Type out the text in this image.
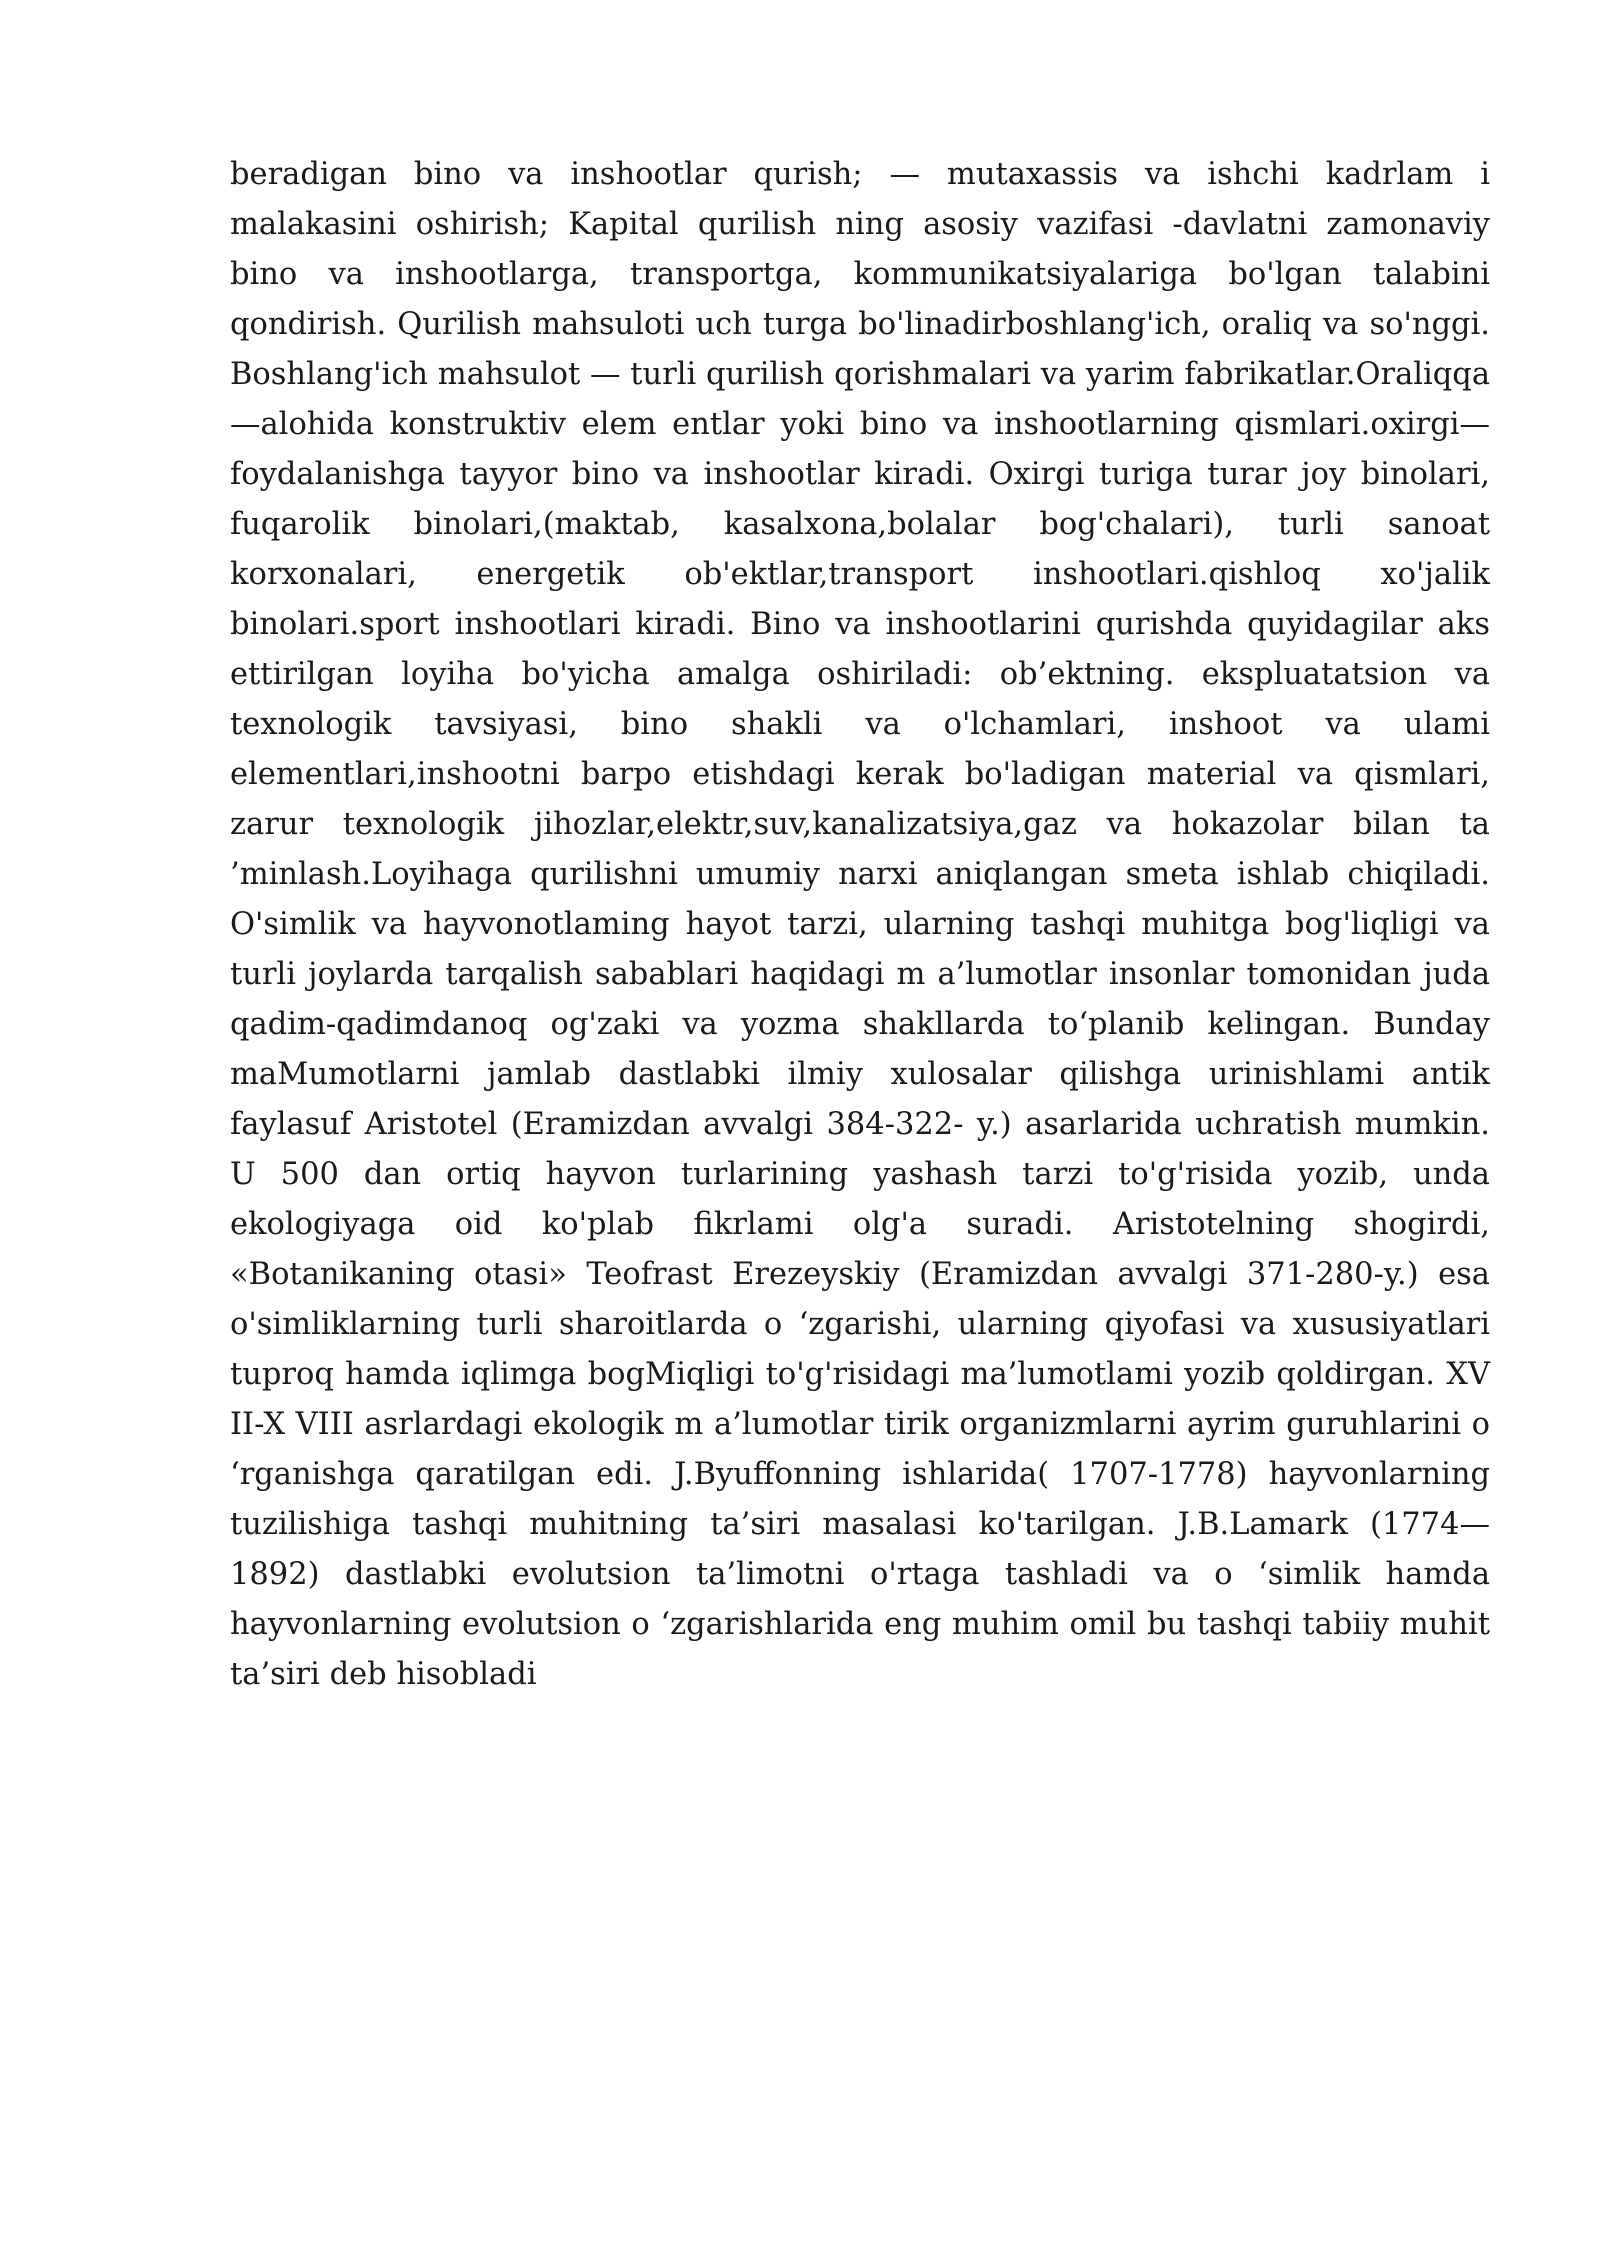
beradigan bino va inshootlar qurish; — mutaxassis va ishchi kadrlam i malakasini oshirish; Kapital qurilish ning asosiy vazifasi -davlatni zamonaviy bino va inshootlarga, transportga, kommunikatsiyalariga bo'lgan talabini qondirish. Qurilish mahsuloti uch turga bo'linadirboshlang'ich, oraliq va so'nggi. Boshlang'ich mahsulot — turli qurilish qorishmalari va yarim fabrikatlar.Oraliqqa —alohida konstruktiv elem entlar yoki bino va inshootlarning qismlari.oxirgi— foydalanishga tayyor bino va inshootlar kiradi. Oxirgi turiga turar joy binolari, fuqarolik binolari,(maktab, kasalxona,bolalar bog'chalari), turli sanoat korxonalari, energetik ob'ektlar,transport inshootlari.qishloq xo'jalik binolari.sport inshootlari kiradi. Bino va inshootlarini qurishda quyidagilar aks ettirilgan loyiha bo'yicha amalga oshiriladi: ob’ektning. ekspluatatsion va texnologik tavsiyasi, bino shakli va o'lchamlari, inshoot va ulami elementlari,inshootni barpo etishdagi kerak bo'ladigan material va qismlari, zarur texnologik jihozlar,elektr,suv,kanalizatsiya,gaz va hokazolar bilan ta ’minlash.Loyihaga qurilishni umumiy narxi aniqlangan smeta ishlab chiqiladi. O'simlik va hayvonotlaming hayot tarzi, ularning tashqi muhitga bog'liqligi va turli joylarda tarqalish sabablari haqidagi m a’lumotlar insonlar tomonidan juda qadim-qadimdanoq og'zaki va yozma shakllarda to‘planib kelingan. Bunday maMumotlarni jamlab dastlabki ilmiy xulosalar qilishga urinishlami antik faylasuf Aristotel (Eramizdan avvalgi 384-322- y.) asarlarida uchratish mumkin. U 500 dan ortiq hayvon turlarining yashash tarzi to'g'risida yozib, unda ekologiyaga oid ko'plab fikrlami olg'a suradi. Aristotelning shogirdi, «Botanikaning otasi» Teofrast Erezeyskiy (Eramizdan avvalgi 371-280-y.) esa o'simliklarning turli sharoitlarda o ‘zgarishi, ularning qiyofasi va xususiyatlari tuproq hamda iqlimga bogMiqligi to'g'risidagi ma’lumotlami yozib qoldirgan. XV II-X VIII asrlardagi ekologik m a’lumotlar tirik organizmlarni ayrim guruhlarini o ‘rganishga qaratilgan edi. J.Byuffonning ishlarida( 1707-1778) hayvonlarning tuzilishiga tashqi muhitning ta’siri masalasi ko'tarilgan. J.B.Lamark (1774— 1892) dastlabki evolutsion ta’limotni o'rtaga tashladi va o ‘simlik hamda hayvonlarning evolutsion o ‘zgarishlarida eng muhim omil bu tashqi tabiiy muhit ta’siri deb hisobladi
